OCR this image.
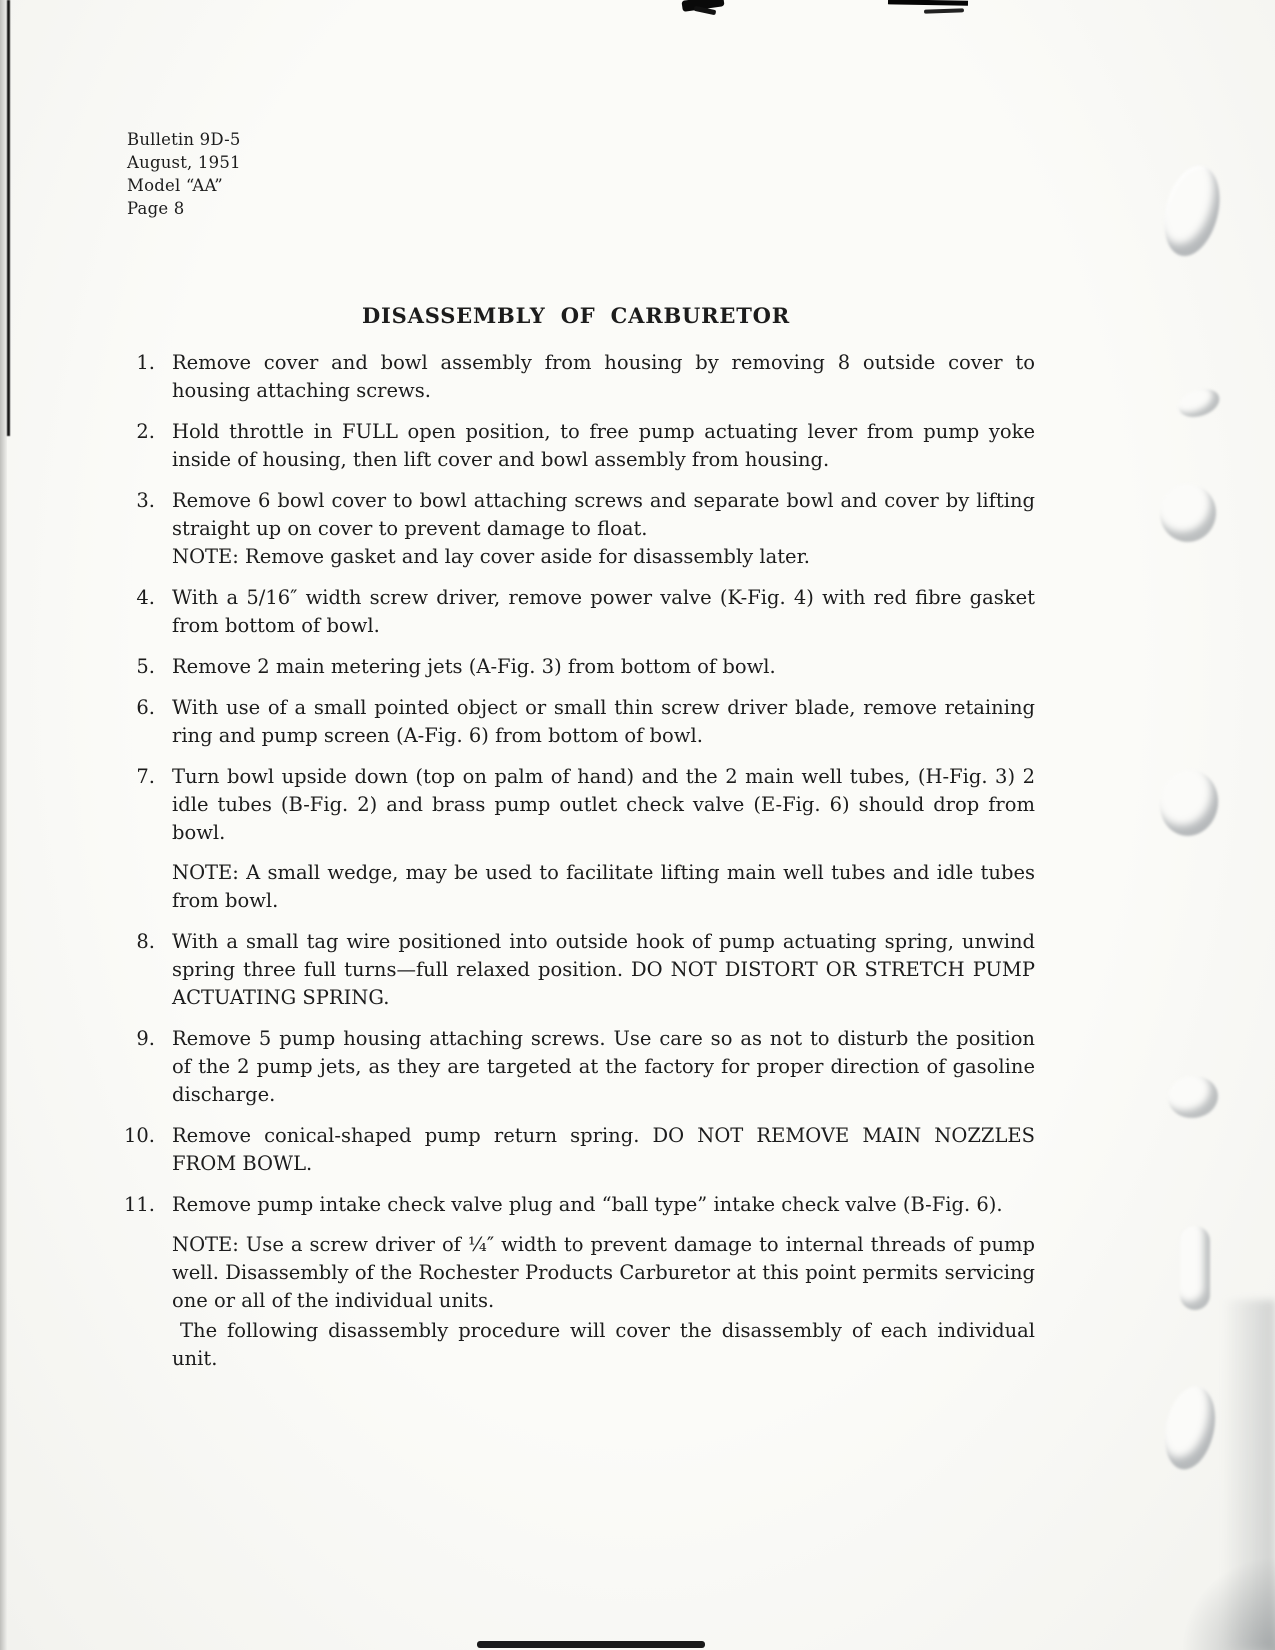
Bulletin 9D-5
August, 1951
Model “AA”
Page 8
DISASSEMBLY OF CARBURETOR
1. Remove cover and bowl assembly from housing by removing 8 outside cover to housing attaching screws.

2. Hold throttle in FULL open position, to free pump actuating lever from pump yoke inside of housing, then lift cover and bowl assembly from housing.

3. Remove 6 bowl cover to bowl attaching screws and separate bowl and cover by lifting straight up on cover to prevent damage to float.

NOTE: Remove gasket and lay cover aside for disassembly later.

4. With a 5/16″ width screw driver, remove power valve (K-Fig. 4) with red fibre gasket from bottom of bowl.

5. Remove 2 main metering jets (A-Fig. 3) from bottom of bowl.

6. With use of a small pointed object or small thin screw driver blade, remove retaining ring and pump screen (A-Fig. 6) from bottom of bowl.

7. Turn bowl upside down (top on palm of hand) and the 2 main well tubes, (H-Fig. 3) 2 idle tubes (B-Fig. 2) and brass pump outlet check valve (E-Fig. 6) should drop from bowl.

NOTE: A small wedge, may be used to facilitate lifting main well tubes and idle tubes from bowl.

8. With a small tag wire positioned into outside hook of pump actuating spring, unwind spring three full turns—full relaxed position. DO NOT DISTORT OR STRETCH PUMP ACTUATING SPRING.

9. Remove 5 pump housing attaching screws. Use care so as not to disturb the position of the 2 pump jets, as they are targeted at the factory for proper direction of gasoline discharge.

10. Remove conical-shaped pump return spring. DO NOT REMOVE MAIN NOZZLES FROM BOWL.

11. Remove pump intake check valve plug and “ball type” intake check valve (B-Fig. 6).

NOTE: Use a screw driver of ¼″ width to prevent damage to internal threads of pump well. Disassembly of the Rochester Products Carburetor at this point permits servicing one or all of the individual units.

The following disassembly procedure will cover the disassembly of each individual unit.
